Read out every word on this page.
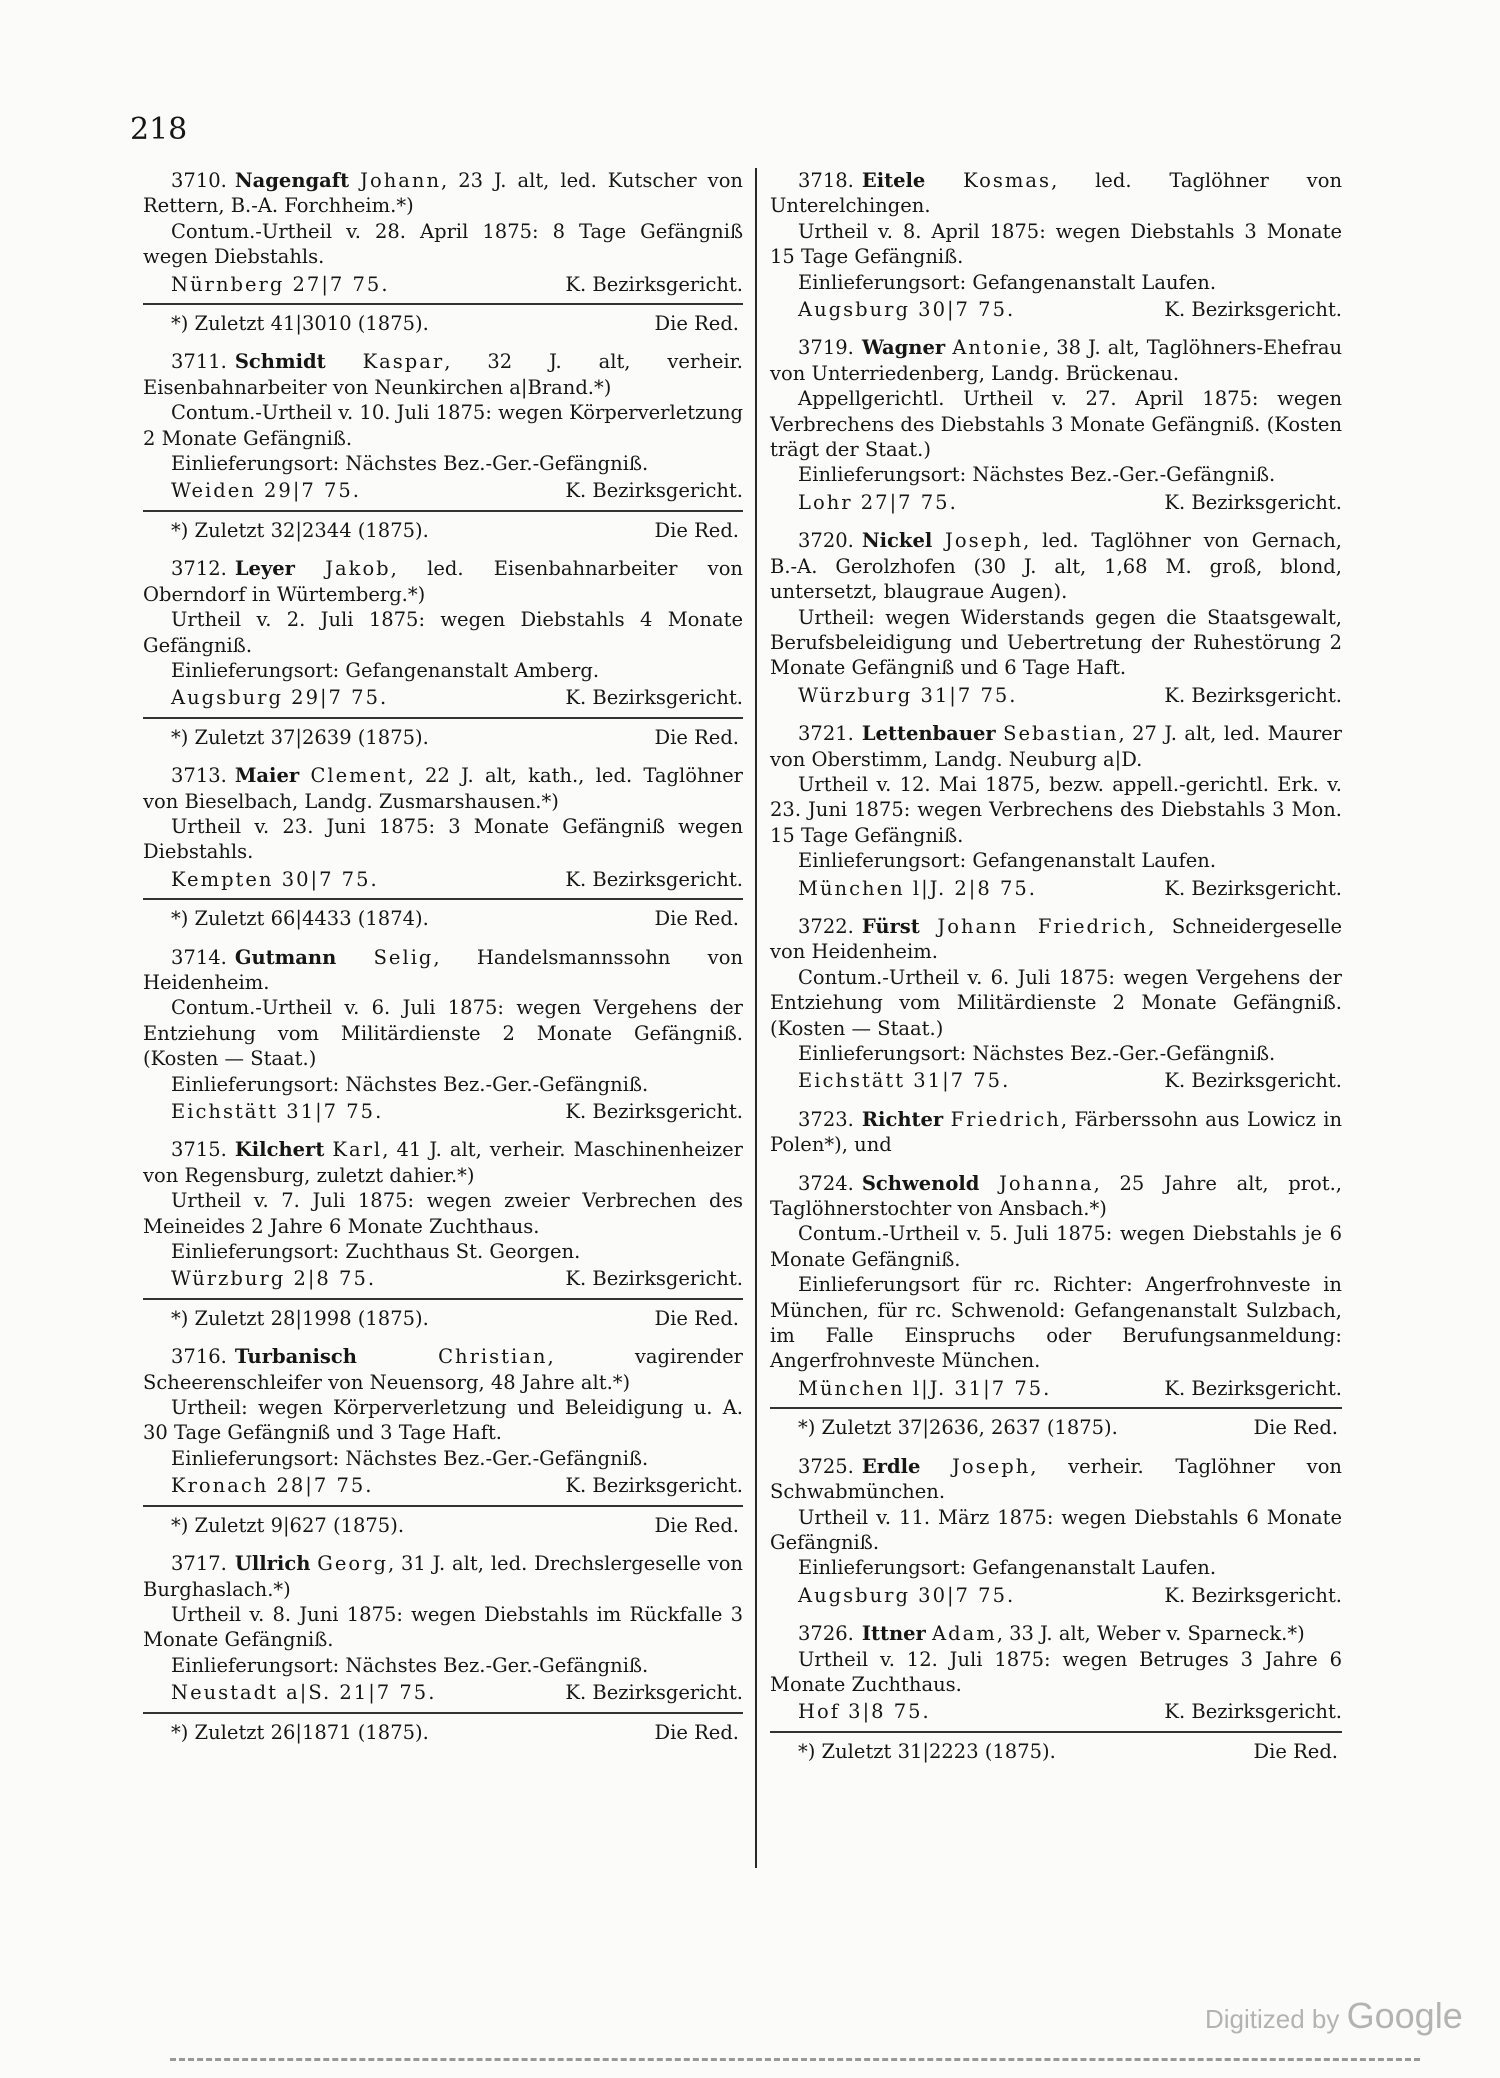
218
3710. Nagengaft Johann, 23 J. alt, led. Kutscher von Rettern, B.-A. Forchheim.*)
Contum.-Urtheil v. 28. April 1875: 8 Tage Gefängniß wegen Diebstahls.
Nürnberg 27|7 75.	K. Bezirksgericht.
*) Zuletzt 41|3010 (1875).	Die Red.
3711. Schmidt Kaspar, 32 J. alt, verheir. Eisenbahnarbeiter von Neunkirchen a|Brand.*)
Contum.-Urtheil v. 10. Juli 1875: wegen Körperverletzung 2 Monate Gefängniß.
Einlieferungsort: Nächstes Bez.-Ger.-Gefängniß.
Weiden 29|7 75.	K. Bezirksgericht.
*) Zuletzt 32|2344 (1875).	Die Red.
3712. Leyer Jakob, led. Eisenbahnarbeiter von Oberndorf in Würtemberg.*)
Urtheil v. 2. Juli 1875: wegen Diebstahls 4 Monate Gefängniß.
Einlieferungsort: Gefangenanstalt Amberg.
Augsburg 29|7 75.	K. Bezirksgericht.
*) Zuletzt 37|2639 (1875).	Die Red.
3713. Maier Clement, 22 J. alt, kath., led. Taglöhner von Bieselbach, Landg. Zusmarshausen.*)
Urtheil v. 23. Juni 1875: 3 Monate Gefängniß wegen Diebstahls.
Kempten 30|7 75.	K. Bezirksgericht.
*) Zuletzt 66|4433 (1874).	Die Red.
3714. Gutmann Selig, Handelsmannssohn von Heidenheim.
Contum.-Urtheil v. 6. Juli 1875: wegen Vergehens der Entziehung vom Militärdienste 2 Monate Gefängniß. (Kosten — Staat.)
Einlieferungsort: Nächstes Bez.-Ger.-Gefängniß.
Eichstätt 31|7 75.	K. Bezirksgericht.
3715. Kilchert Karl, 41 J. alt, verheir. Maschinenheizer von Regensburg, zuletzt dahier.*)
Urtheil v. 7. Juli 1875: wegen zweier Verbrechen des Meineides 2 Jahre 6 Monate Zuchthaus.
Einlieferungsort: Zuchthaus St. Georgen.
Würzburg 2|8 75.	K. Bezirksgericht.
*) Zuletzt 28|1998 (1875).	Die Red.
3716. Turbanisch	Christian, vagirender Scheerenschleifer von Neuensorg, 48 Jahre alt.*)
Urtheil: wegen Körperverletzung und Beleidigung u. A. 30 Tage Gefängniß und 3 Tage Haft.
Einlieferungsort: Nächstes Bez.-Ger.-Gefängniß.
Kronach 28|7 75.	K. Bezirksgericht.
*) Zuletzt 9|627 (1875).	Die Red.
3717. Ullrich Georg, 31 J. alt, led. Drechslergeselle von Burghaslach.*)
Urtheil v. 8. Juni 1875: wegen Diebstahls im Rückfalle 3 Monate Gefängniß.
Einlieferungsort: Nächstes Bez.-Ger.-Gefängniß.
Neustadt a|S. 21|7 75.	K. Bezirksgericht.
*) Zuletzt 26|1871 (1875).	Die Red.
3718. Eitele Kosmas, led. Taglöhner von Unterelchingen.
Urtheil v. 8. April 1875: wegen Diebstahls 3 Monate 15 Tage Gefängniß.
Einlieferungsort: Gefangenanstalt Laufen.
Augsburg 30|7 75.	K. Bezirksgericht.
3719. Wagner Antonie, 38 J. alt, Taglöhners-Ehefrau von Unterriedenberg, Landg. Brückenau.
Appellgerichtl. Urtheil v. 27. April 1875: wegen Verbrechens des Diebstahls 3 Monate Gefängniß. (Kosten trägt der Staat.)
Einlieferungsort: Nächstes Bez.-Ger.-Gefängniß.
Lohr 27|7 75.	K. Bezirksgericht.
3720. Nickel Joseph, led. Taglöhner von Gernach, B.-A. Gerolzhofen (30 J. alt, 1,68 M. groß, blond, untersetzt, blaugraue Augen).
Urtheil: wegen Widerstands gegen die Staatsgewalt, Berufsbeleidigung und Uebertretung der Ruhestörung 2 Monate Gefängniß und 6 Tage Haft.
Würzburg 31|7 75.	K. Bezirksgericht.
3721. Lettenbauer Sebastian, 27 J. alt, led. Maurer von Oberstimm, Landg. Neuburg a|D.
Urtheil v. 12. Mai 1875, bezw. appell.-gerichtl. Erk. v. 23. Juni 1875: wegen Verbrechens des Diebstahls 3 Mon. 15 Tage Gefängniß.
Einlieferungsort: Gefangenanstalt Laufen.
München l|J. 2|8 75.	K. Bezirksgericht.
3722. Fürst Johann Friedrich, Schneidergeselle von Heidenheim.
Contum.-Urtheil v. 6. Juli 1875: wegen Vergehens der Entziehung vom Militärdienste 2 Monate Gefängniß. (Kosten — Staat.)
Einlieferungsort: Nächstes Bez.-Ger.-Gefängniß.
Eichstätt 31|7 75.	K. Bezirksgericht.
3723. Richter Friedrich, Färberssohn aus Lowicz in Polen*), und
3724. Schwenold Johanna, 25 Jahre alt, prot., Taglöhnerstochter von Ansbach.*)
Contum.-Urtheil v. 5. Juli 1875: wegen Diebstahls je 6 Monate Gefängniß.
Einlieferungsort für rc. Richter: Angerfrohnveste in München, für rc. Schwenold: Gefangenanstalt Sulzbach, im Falle Einspruchs oder Berufungsanmeldung: Angerfrohnveste München.
München l|J. 31|7 75.	K. Bezirksgericht.
*) Zuletzt 37|2636, 2637 (1875).	Die Red.
3725. Erdle Joseph, verheir. Taglöhner von Schwabmünchen.
Urtheil v. 11. März 1875: wegen Diebstahls 6 Monate Gefängniß.
Einlieferungsort: Gefangenanstalt Laufen.
Augsburg 30|7 75.	K. Bezirksgericht.
3726. Ittner Adam, 33 J. alt, Weber v. Sparneck.*)
Urtheil v. 12. Juli 1875: wegen Betruges 3 Jahre 6 Monate Zuchthaus.
Hof 3|8 75.	K. Bezirksgericht.
*) Zuletzt 31|2223 (1875).	Die Red.
Digitized by Google
